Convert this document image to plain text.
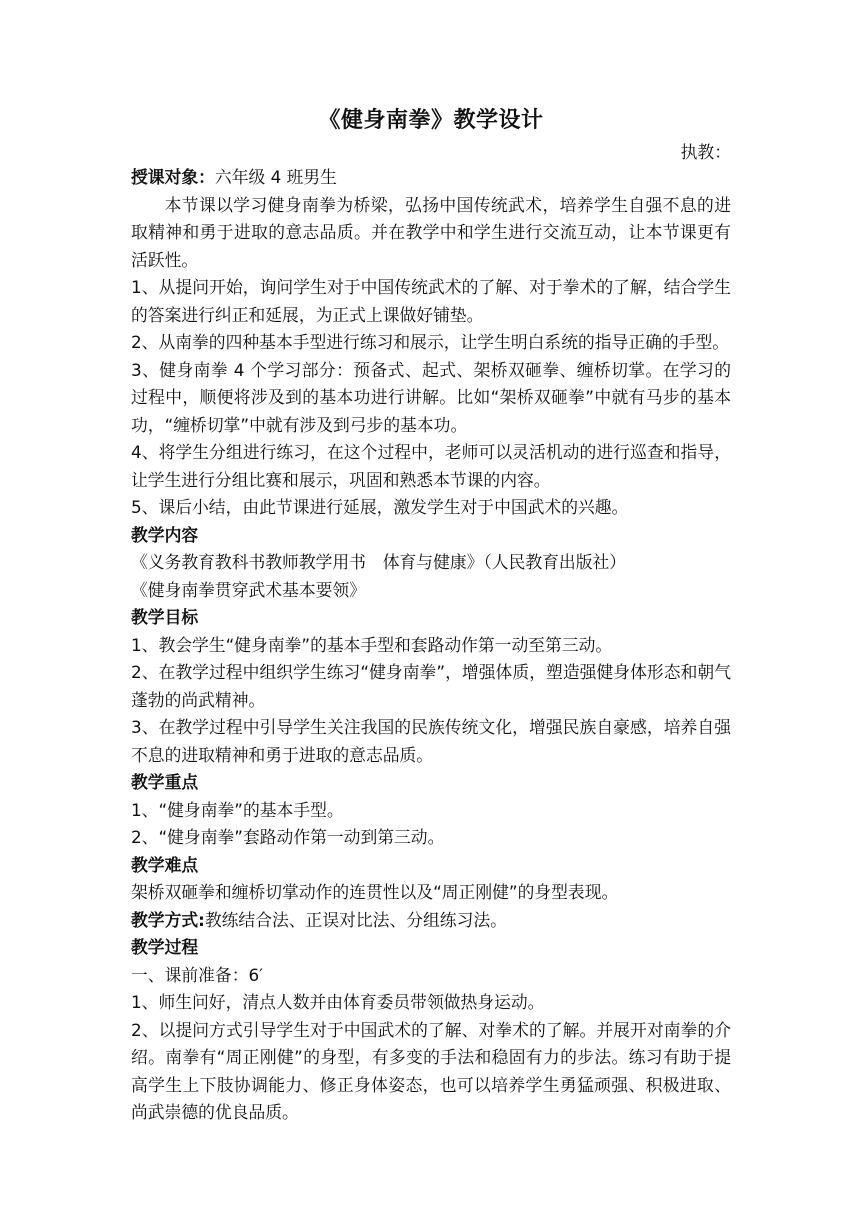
《健身南拳》教学设计
执教：

授课对象：六年级 4 班男生

本节课以学习健身南拳为桥梁，弘扬中国传统武术，培养学生自强不息的进取精神和勇于进取的意志品质。并在教学中和学生进行交流互动，让本节课更有活跃性。

1、从提问开始，询问学生对于中国传统武术的了解、对于拳术的了解，结合学生的答案进行纠正和延展，为正式上课做好铺垫。

2、从南拳的四种基本手型进行练习和展示，让学生明白系统的指导正确的手型。

3、健身南拳 4 个学习部分：预备式、起式、架桥双砸拳、缠桥切掌。在学习的过程中，顺便将涉及到的基本功进行讲解。比如“架桥双砸拳”中就有马步的基本功，“缠桥切掌”中就有涉及到弓步的基本功。

4、将学生分组进行练习，在这个过程中，老师可以灵活机动的进行巡查和指导，让学生进行分组比赛和展示，巩固和熟悉本节课的内容。

5、课后小结，由此节课进行延展，激发学生对于中国武术的兴趣。

教学内容

《义务教育教科书教师教学用书　体育与健康》（人民教育出版社）

《健身南拳贯穿武术基本要领》

教学目标

1、教会学生“健身南拳”的基本手型和套路动作第一动至第三动。

2、在教学过程中组织学生练习“健身南拳”，增强体质，塑造强健身体形态和朝气蓬勃的尚武精神。

3、在教学过程中引导学生关注我国的民族传统文化，增强民族自豪感，培养自强不息的进取精神和勇于进取的意志品质。

教学重点

1、“健身南拳”的基本手型。

2、“健身南拳”套路动作第一动到第三动。

教学难点

架桥双砸拳和缠桥切掌动作的连贯性以及“周正刚健”的身型表现。

教学方式:教练结合法、正误对比法、分组练习法。

教学过程

一、课前准备：6′

1、师生问好，清点人数并由体育委员带领做热身运动。

2、以提问方式引导学生对于中国武术的了解、对拳术的了解。并展开对南拳的介绍。南拳有“周正刚健”的身型，有多变的手法和稳固有力的步法。练习有助于提高学生上下肢协调能力、修正身体姿态，也可以培养学生勇猛顽强、积极进取、尚武崇德的优良品质。
